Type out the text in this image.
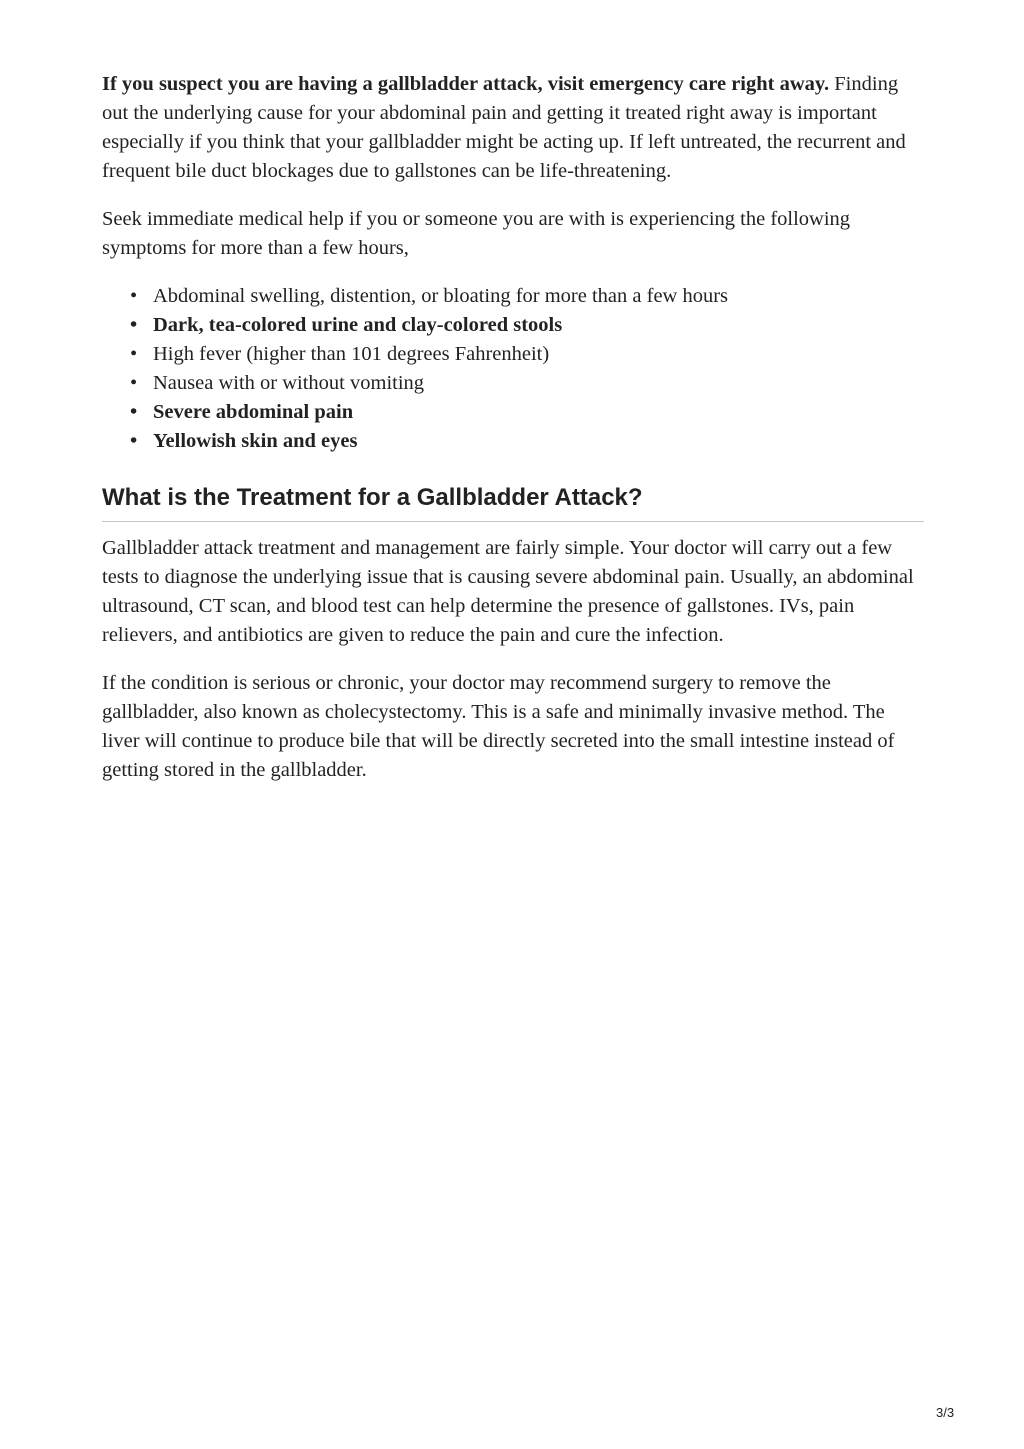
If you suspect you are having a gallbladder attack, visit emergency care right away. Finding out the underlying cause for your abdominal pain and getting it treated right away is important especially if you think that your gallbladder might be acting up. If left untreated, the recurrent and frequent bile duct blockages due to gallstones can be life-threatening.

Seek immediate medical help if you or someone you are with is experiencing the following symptoms for more than a few hours,

• Abdominal swelling, distention, or bloating for more than a few hours
• Dark, tea-colored urine and clay-colored stools
• High fever (higher than 101 degrees Fahrenheit)
• Nausea with or without vomiting
• Severe abdominal pain
• Yellowish skin and eyes
What is the Treatment for a Gallbladder Attack?

Gallbladder attack treatment and management are fairly simple. Your doctor will carry out a few tests to diagnose the underlying issue that is causing severe abdominal pain. Usually, an abdominal ultrasound, CT scan, and blood test can help determine the presence of gallstones. IVs, pain relievers, and antibiotics are given to reduce the pain and cure the infection.

If the condition is serious or chronic, your doctor may recommend surgery to remove the gallbladder, also known as cholecystectomy. This is a safe and minimally invasive method. The liver will continue to produce bile that will be directly secreted into the small intestine instead of getting stored in the gallbladder.

3/3
